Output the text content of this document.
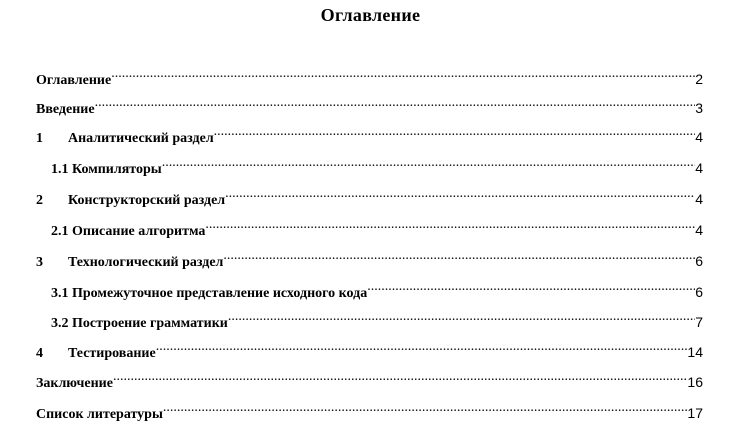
Оглавление
Оглавление .....	2
Введение .....	3
1	Аналитический раздел .....	4
1.1 Компиляторы .....	4
2	Конструкторский раздел .....	4
2.1 Описание алгоритма .....	4
3	Технологический раздел .....	6
3.1 Промежуточное представление исходного кода .....	6
3.2 Построение грамматики .....	7
4	Тестирование .....	14
Заключение .....	16
Список литературы .....	17
